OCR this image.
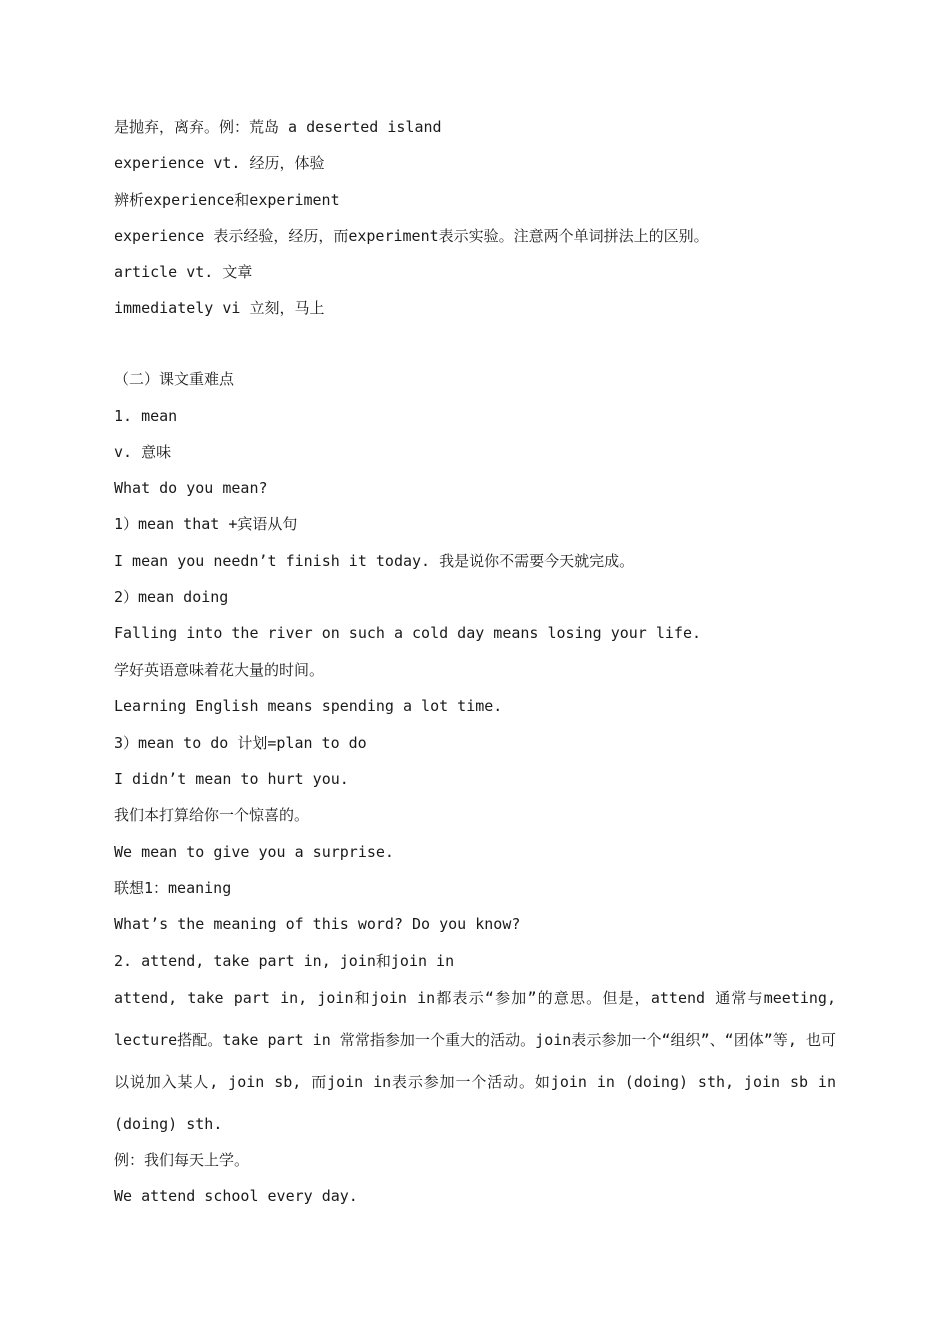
是抛弃，离弃。例：荒岛 a deserted island

experience vt. 经历，体验

辨析experience和experiment

experience 表示经验，经历，而experiment表示实验。注意两个单词拼法上的区别。

article vt. 文章

immediately vi 立刻，马上

（二）课文重难点

1. mean

v. 意味

What do you mean?

1）mean that +宾语从句

I mean you needn’t finish it today. 我是说你不需要今天就完成。

2）mean doing

Falling into the river on such a cold day means losing your life.

学好英语意味着花大量的时间。

Learning English means spending a lot time.

3）mean to do 计划=plan to do

I didn’t mean to hurt you.

我们本打算给你一个惊喜的。

We mean to give you a surprise.

联想1：meaning

What’s the meaning of this word? Do you know?

2. attend, take part in, join和join in

attend, take part in, join和join in都表示“参加”的意思。但是，attend 通常与meeting, lecture搭配。take part in 常常指参加一个重大的活动。join表示参加一个“组织”、“团体”等, 也可以说加入某人, join sb, 而join in表示参加一个活动。如join in (doing) sth, join sb in (doing) sth.

例：我们每天上学。

We attend school every day.
